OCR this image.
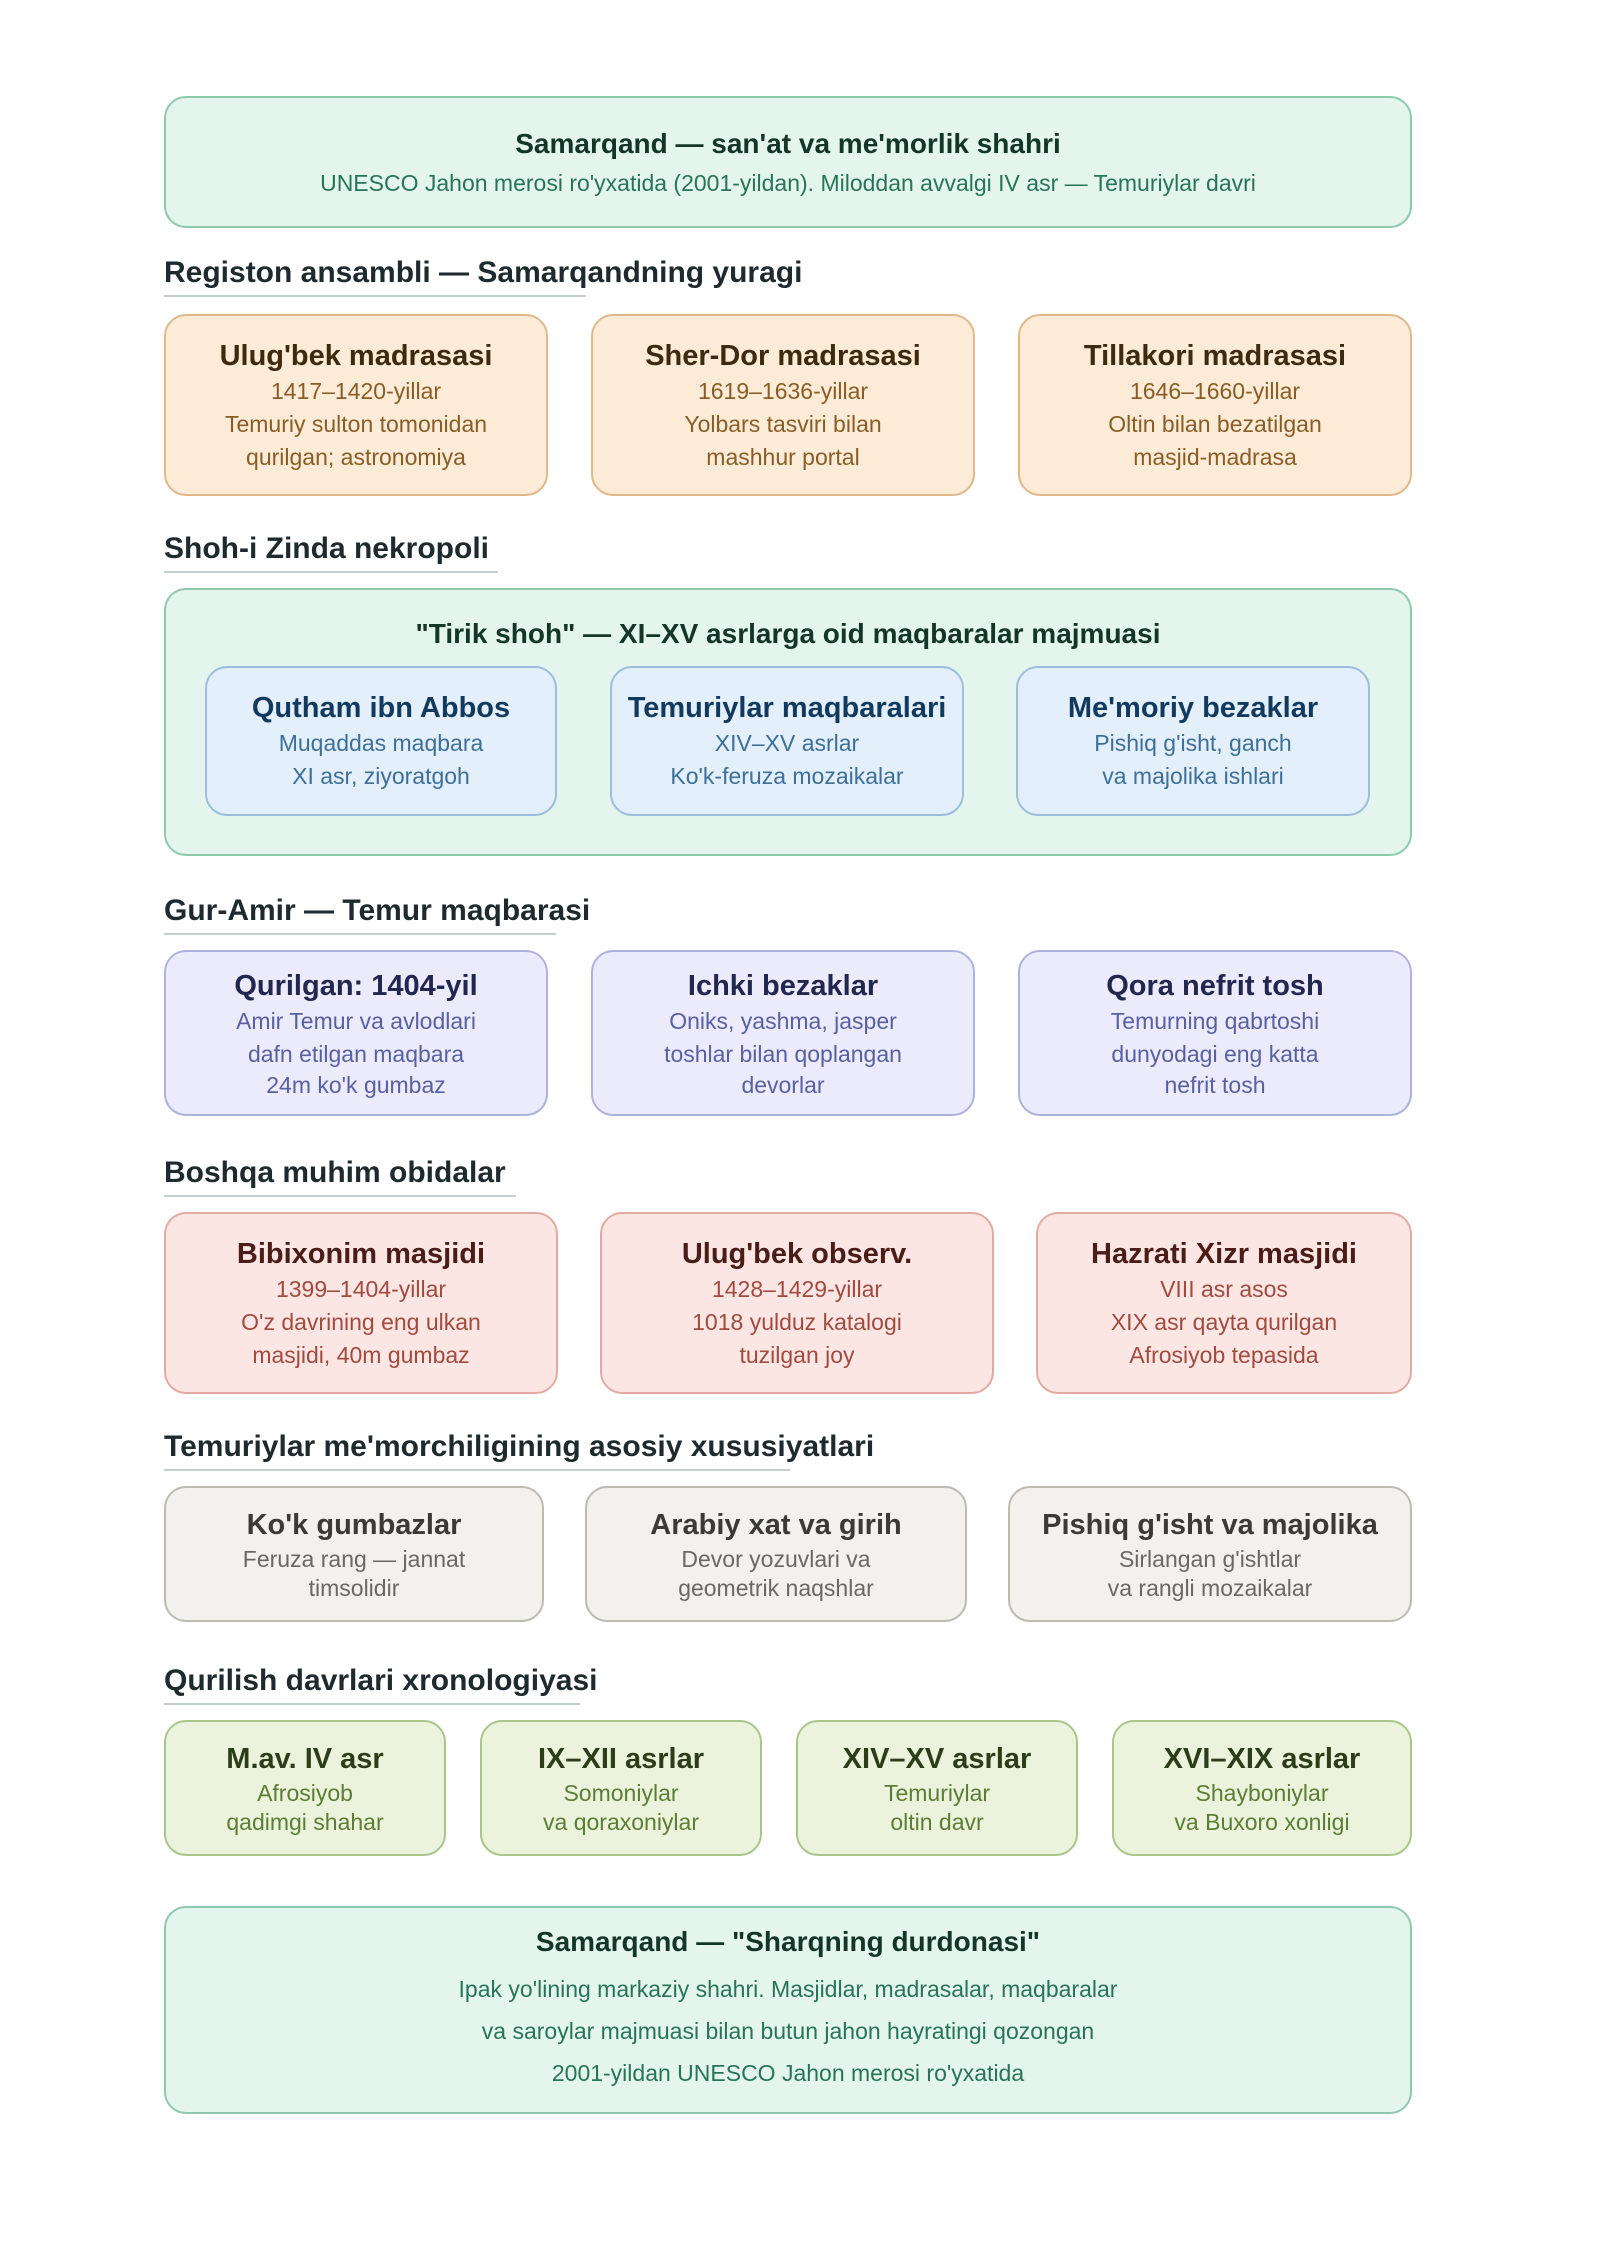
Samarqand — san'at va me'morlik shahri
UNESCO Jahon merosi ro'yxatida (2001-yildan). Miloddan avvalgi IV asr — Temuriylar davri
Registon ansambli — Samarqandning yuragi
Ulug'bek madrasasi
1417–1420-yillar
Temuriy sulton tomonidan
qurilgan; astronomiya
Sher-Dor madrasasi
1619–1636-yillar
Yolbars tasviri bilan
mashhur portal
Tillakori madrasasi
1646–1660-yillar
Oltin bilan bezatilgan
masjid-madrasa
Shoh-i Zinda nekropoli
"Tirik shoh" — XI–XV asrlarga oid maqbaralar majmuasi
Qutham ibn Abbos
Muqaddas maqbara
XI asr, ziyoratgoh
Temuriylar maqbaralari
XIV–XV asrlar
Ko'k-feruza mozaikalar
Me'moriy bezaklar
Pishiq g'isht, ganch
va majolika ishlari
Gur-Amir — Temur maqbarasi
Qurilgan: 1404-yil
Amir Temur va avlodlari
dafn etilgan maqbara
24m ko'k gumbaz
Ichki bezaklar
Oniks, yashma, jasper
toshlar bilan qoplangan
devorlar
Qora nefrit tosh
Temurning qabrtoshi
dunyodagi eng katta
nefrit tosh
Boshqa muhim obidalar
Bibixonim masjidi
1399–1404-yillar
O'z davrining eng ulkan
masjidi, 40m gumbaz
Ulug'bek observ.
1428–1429-yillar
1018 yulduz katalogi
tuzilgan joy
Hazrati Xizr masjidi
VIII asr asos
XIX asr qayta qurilgan
Afrosiyob tepasida
Temuriylar me'morchiligining asosiy xususiyatlari
Ko'k gumbazlar
Feruza rang — jannat
timsolidir
Arabiy xat va girih
Devor yozuvlari va
geometrik naqshlar
Pishiq g'isht va majolika
Sirlangan g'ishtlar
va rangli mozaikalar
Qurilish davrlari xronologiyasi
M.av. IV asr
Afrosiyob
qadimgi shahar
IX–XII asrlar
Somoniylar
va qoraxoniylar
XIV–XV asrlar
Temuriylar
oltin davr
XVI–XIX asrlar
Shayboniylar
va Buxoro xonligi
Samarqand — "Sharqning durdonasi"
Ipak yo'lining markaziy shahri. Masjidlar, madrasalar, maqbaralar
va saroylar majmuasi bilan butun jahon hayratingi qozongan
2001-yildan UNESCO Jahon merosi ro'yxatida
